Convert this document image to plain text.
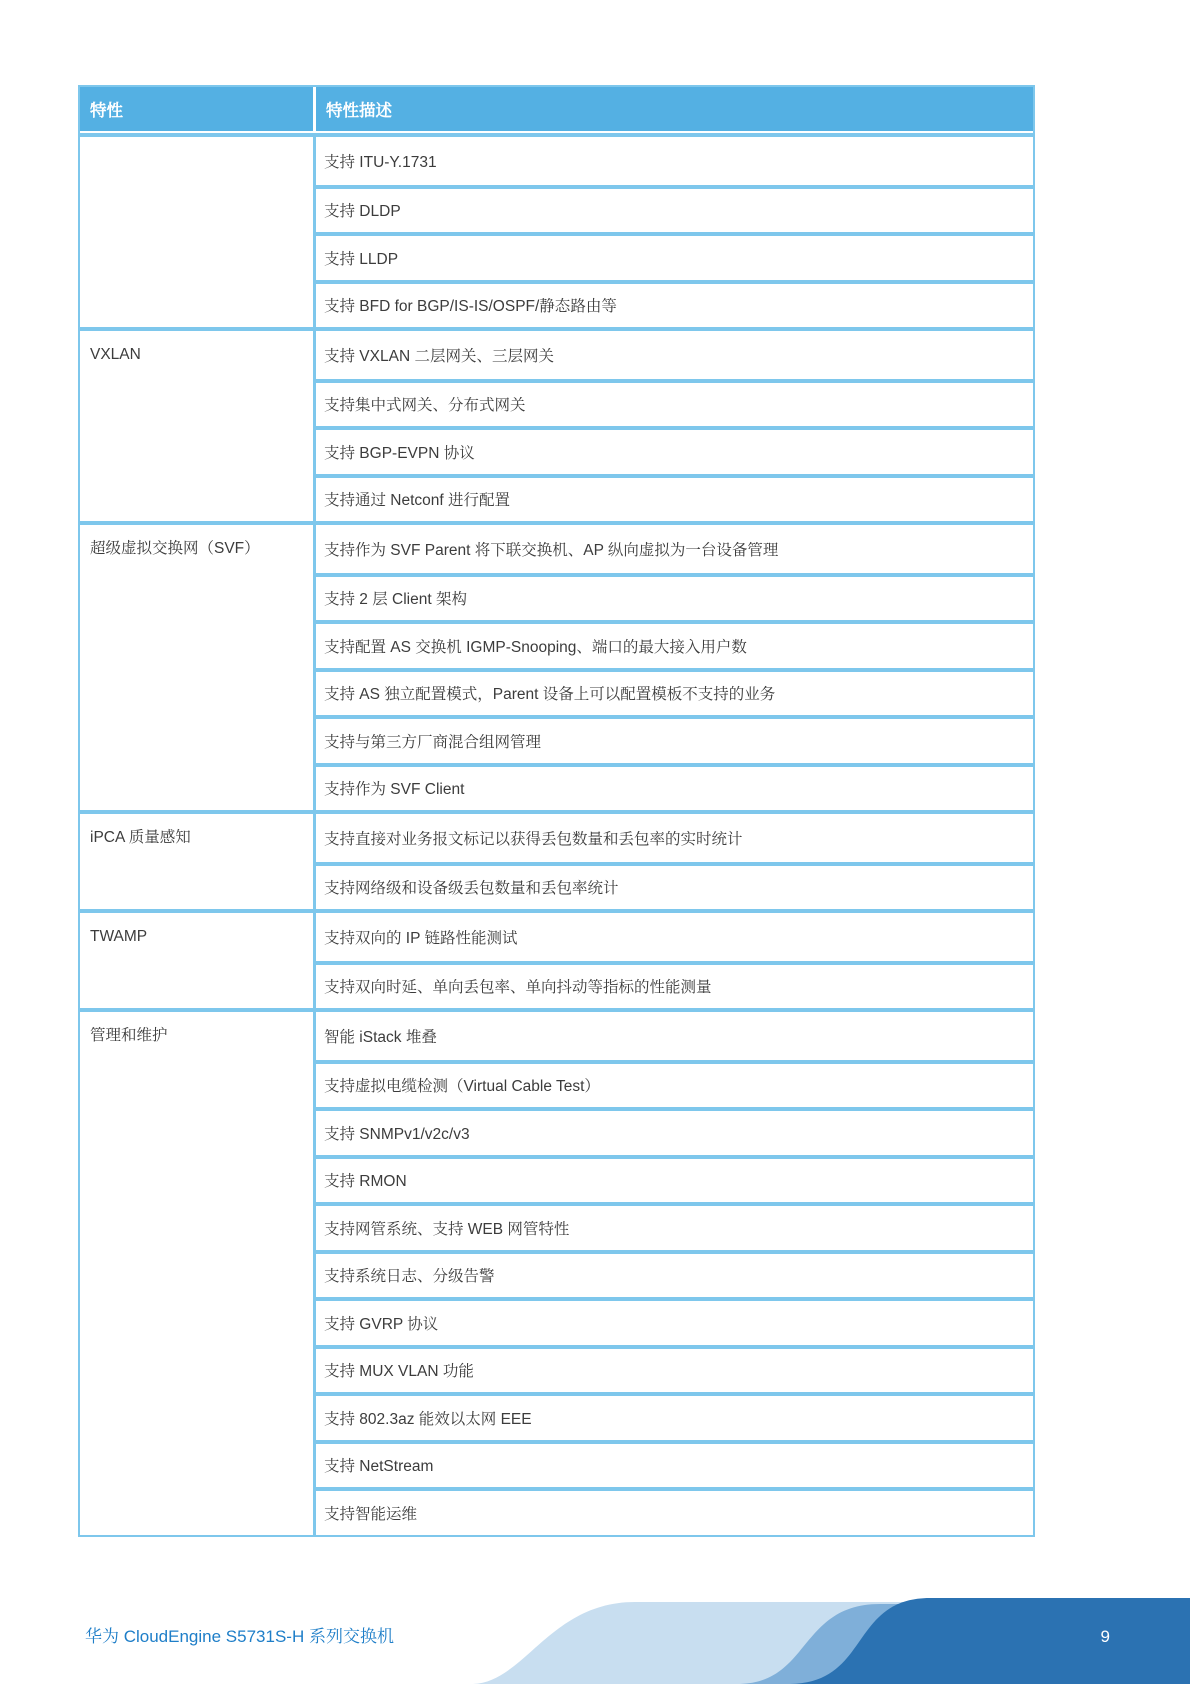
特性	特性描述
支持 ITU-Y.1731
支持 DLDP
支持 LLDP
支持 BFD for BGP/IS-IS/OSPF/静态路由等
VXLAN	支持 VXLAN 二层网关、三层网关
支持集中式网关、分布式网关
支持 BGP-EVPN 协议
支持通过 Netconf 进行配置
超级虚拟交换网（SVF）	支持作为 SVF Parent 将下联交换机、AP 纵向虚拟为一台设备管理
支持 2 层 Client 架构
支持配置 AS 交换机 IGMP-Snooping、端口的最大接入用户数
支持 AS 独立配置模式，Parent 设备上可以配置模板不支持的业务
支持与第三方厂商混合组网管理
支持作为 SVF Client
iPCA 质量感知	支持直接对业务报文标记以获得丢包数量和丢包率的实时统计
支持网络级和设备级丢包数量和丢包率统计
TWAMP	支持双向的 IP 链路性能测试
支持双向时延、单向丢包率、单向抖动等指标的性能测量
管理和维护	智能 iStack 堆叠
支持虚拟电缆检测（Virtual Cable Test）
支持 SNMPv1/v2c/v3
支持 RMON
支持网管系统、支持 WEB 网管特性
支持系统日志、分级告警
支持 GVRP 协议
支持 MUX VLAN 功能
支持 802.3az 能效以太网 EEE
支持 NetStream
支持智能运维
华为 CloudEngine S5731S-H 系列交换机	9
